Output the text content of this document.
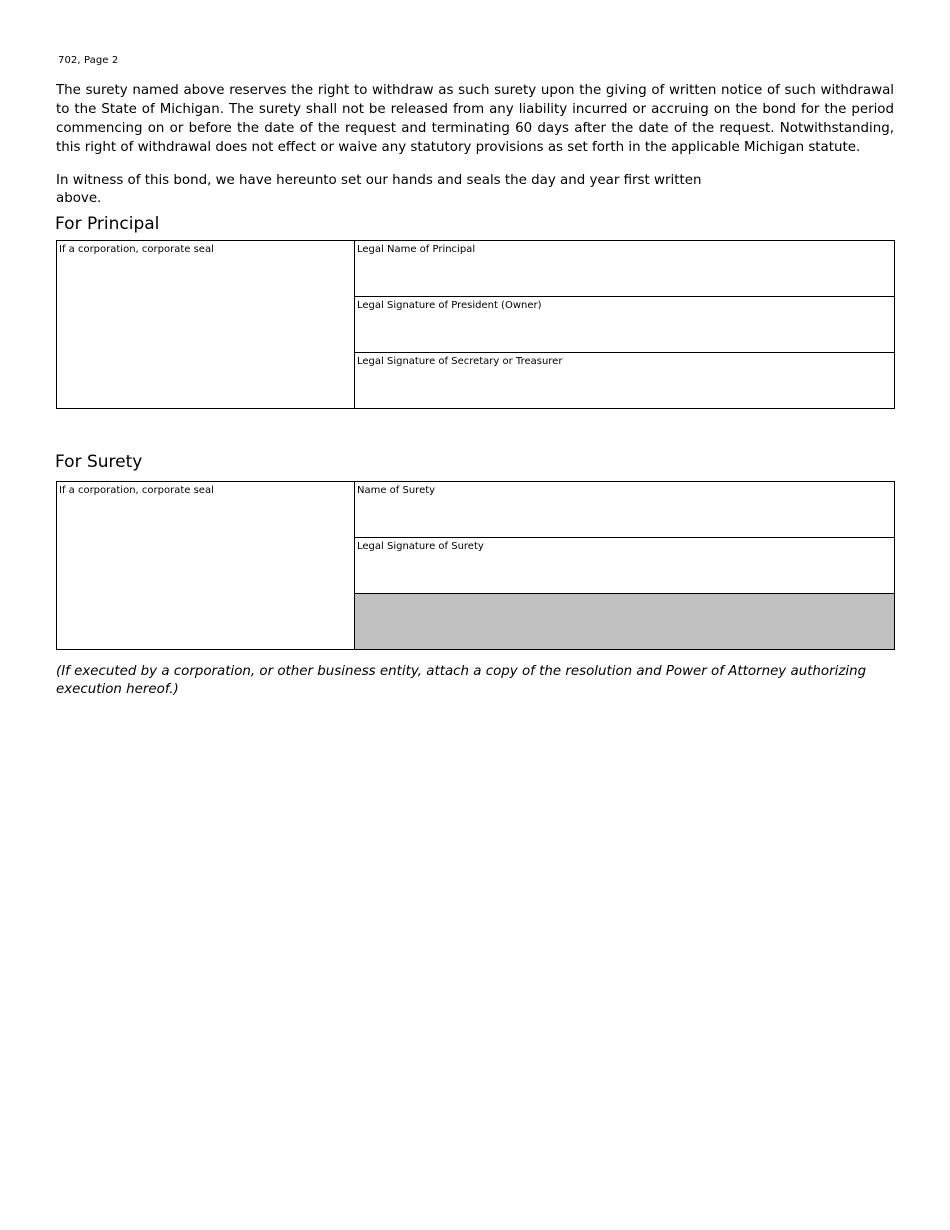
702, Page 2

The surety named above reserves the right to withdraw as such surety upon the giving of written notice of such withdrawal to the State of Michigan. The surety shall not be released from any liability incurred or accruing on the bond for the period commencing on or before the date of the request and terminating 60 days after the date of the request. Notwithstanding, this right of withdrawal does not effect or waive any statutory provisions as set forth in the applicable Michigan statute.

In witness of this bond, we have hereunto set our hands and seals the day and year first written above.

For Principal
If a corporation, corporate seal	Legal Name of Principal
Legal Signature of President (Owner)
Legal Signature of Secretary or Treasurer
For Surety
If a corporation, corporate seal	Name of Surety
Legal Signature of Surety

(If executed by a corporation, or other business entity, attach a copy of the resolution and Power of Attorney authorizing execution hereof.)
